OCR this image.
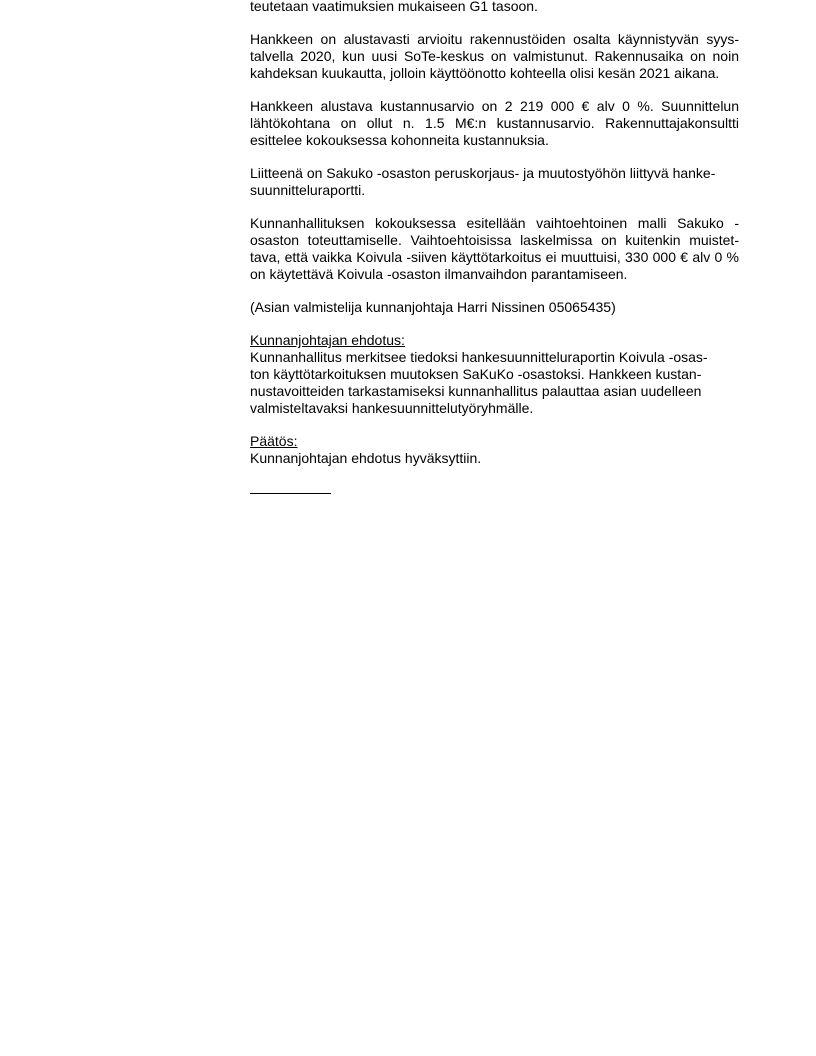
teutetaan vaatimuksien mukaiseen G1 tasoon.

Hankkeen on alustavasti arvioitu rakennustöiden osalta käynnistyvän syys-talvella 2020, kun uusi SoTe-keskus on valmistunut. Rakennusaika on noin kahdeksan kuukautta, jolloin käyttöönotto kohteella olisi kesän 2021 aikana.

Hankkeen alustava kustannusarvio on 2 219 000 € alv 0 %. Suunnittelun lähtökohtana on ollut n. 1.5 M€:n kustannusarvio. Rakennuttajakonsultti esittelee kokouksessa kohonneita kustannuksia.

Liitteenä on Sakuko -osaston peruskorjaus- ja muutostyöhön liittyvä hanke-
suunnitteluraportti.

Kunnanhallituksen kokouksessa esitellään vaihtoehtoinen malli Sakuko -osaston toteuttamiselle. Vaihtoehtoisissa laskelmissa on kuitenkin muistet-tava, että vaikka Koivula -siiven käyttötarkoitus ei muuttuisi, 330 000 € alv 0 % on käytettävä Koivula -osaston ilmanvaihdon parantamiseen.

(Asian valmistelija kunnanjohtaja Harri Nissinen 05065435)

Kunnanjohtajan ehdotus:
Kunnanhallitus merkitsee tiedoksi hankesuunnitteluraportin Koivula -osas-
ton käyttötarkoituksen muutoksen SaKuKo -osastoksi. Hankkeen kustan-
nustavoitteiden tarkastamiseksi kunnanhallitus palauttaa asian uudelleen
valmisteltavaksi hankesuunnittelutyöryhmälle.
Päätös:
Kunnanjohtajan ehdotus hyväksyttiin.
